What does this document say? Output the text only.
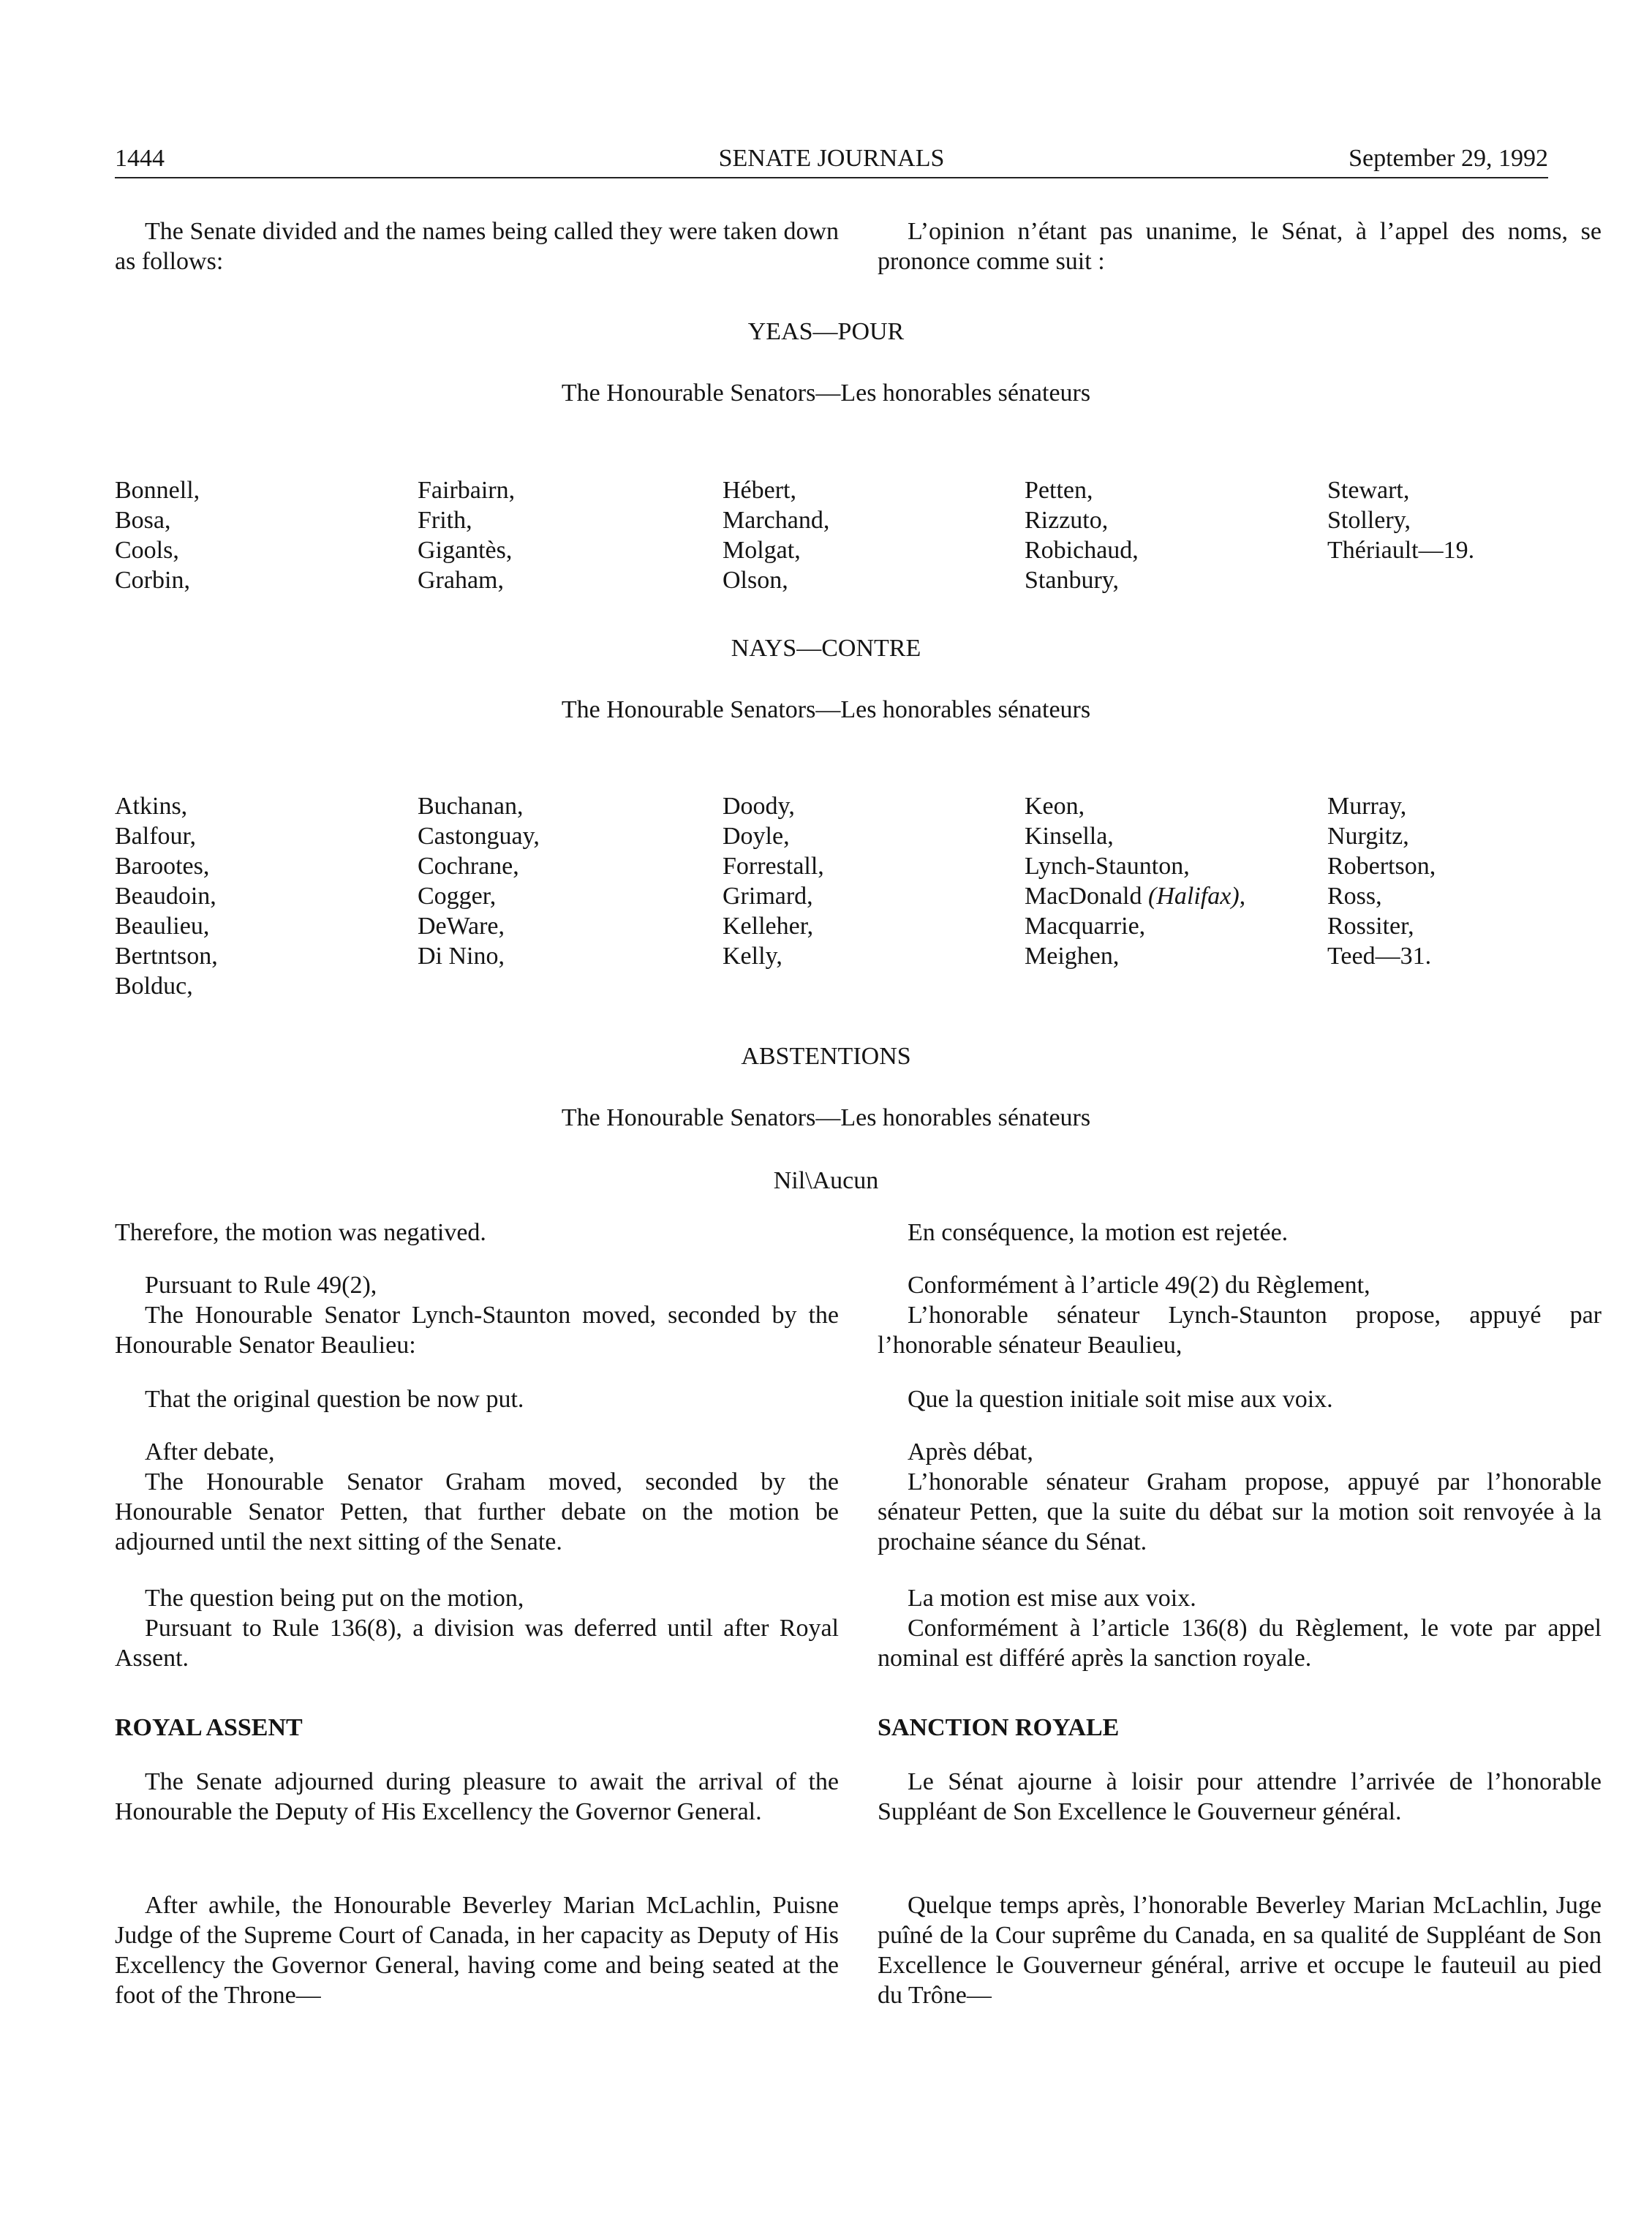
1444	SENATE JOURNALS	September 29, 1992

The Senate divided and the names being called they were taken down as follows:

L’opinion n’étant pas unanime, le Sénat, à l’appel des noms, se prononce comme suit :

YEAS—POUR
The Honourable Senators—Les honorables sénateurs
Bonnell,
Bosa,
Cools,
Corbin,
Fairbairn,
Frith,
Gigantès,
Graham,
Hébert,
Marchand,
Molgat,
Olson,
Petten,
Rizzuto,
Robichaud,
Stanbury,
Stewart,
Stollery,
Thériault—19.
NAYS—CONTRE
The Honourable Senators—Les honorables sénateurs
Atkins,
Balfour,
Barootes,
Beaudoin,
Beaulieu,
Bertntson,
Bolduc,
Buchanan,
Castonguay,
Cochrane,
Cogger,
DeWare,
Di Nino,
Doody,
Doyle,
Forrestall,
Grimard,
Kelleher,
Kelly,
Keon,
Kinsella,
Lynch-Staunton,
MacDonald (Halifax),
Macquarrie,
Meighen,
Murray,
Nurgitz,
Robertson,
Ross,
Rossiter,
Teed—31.
ABSTENTIONS
The Honourable Senators—Les honorables sénateurs
Nil\Aucun

Therefore, the motion was negatived.

Pursuant to Rule 49(2),

The Honourable Senator Lynch-Staunton moved, seconded by the Honourable Senator Beaulieu:

That the original question be now put.

After debate,

The Honourable Senator Graham moved, seconded by the Honourable Senator Petten, that further debate on the motion be adjourned until the next sitting of the Senate.

The question being put on the motion,

Pursuant to Rule 136(8), a division was deferred until after Royal Assent.

ROYAL ASSENT

The Senate adjourned during pleasure to await the arrival of the Honourable the Deputy of His Excellency the Governor General.

After awhile, the Honourable Beverley Marian McLachlin, Puisne Judge of the Supreme Court of Canada, in her capacity as Deputy of His Excellency the Governor General, having come and being seated at the foot of the Throne—

En conséquence, la motion est rejetée.

Conformément à l’article 49(2) du Règlement,

L’honorable sénateur Lynch-Staunton propose, appuyé par l’honorable sénateur Beaulieu,

Que la question initiale soit mise aux voix.

Après débat,

L’honorable sénateur Graham propose, appuyé par l’honorable sénateur Petten, que la suite du débat sur la motion soit renvoyée à la prochaine séance du Sénat.

La motion est mise aux voix.

Conformément à l’article 136(8) du Règlement, le vote par appel nominal est différé après la sanction royale.

SANCTION ROYALE

Le Sénat ajourne à loisir pour attendre l’arrivée de l’honorable Suppléant de Son Excellence le Gouverneur général.

Quelque temps après, l’honorable Beverley Marian McLachlin, Juge puîné de la Cour suprême du Canada, en sa qualité de Suppléant de Son Excellence le Gouverneur général, arrive et occupe le fauteuil au pied du Trône—
